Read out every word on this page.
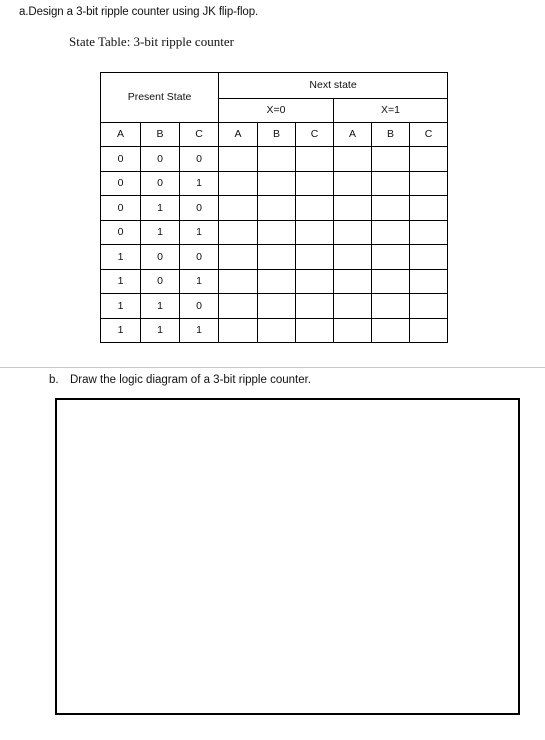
a.Design a 3-bit ripple counter using JK flip-flop.
State Table: 3-bit ripple counter
Present State			Next state					
			X=0			X=1		
A	B	C	A	B	C	A	B	C
0	0	0						
0	0	1						
0	1	0						
0	1	1						
1	0	0						
1	0	1						
1	1	0						
1	1	1						
b. Draw the logic diagram of a 3-bit ripple counter.
